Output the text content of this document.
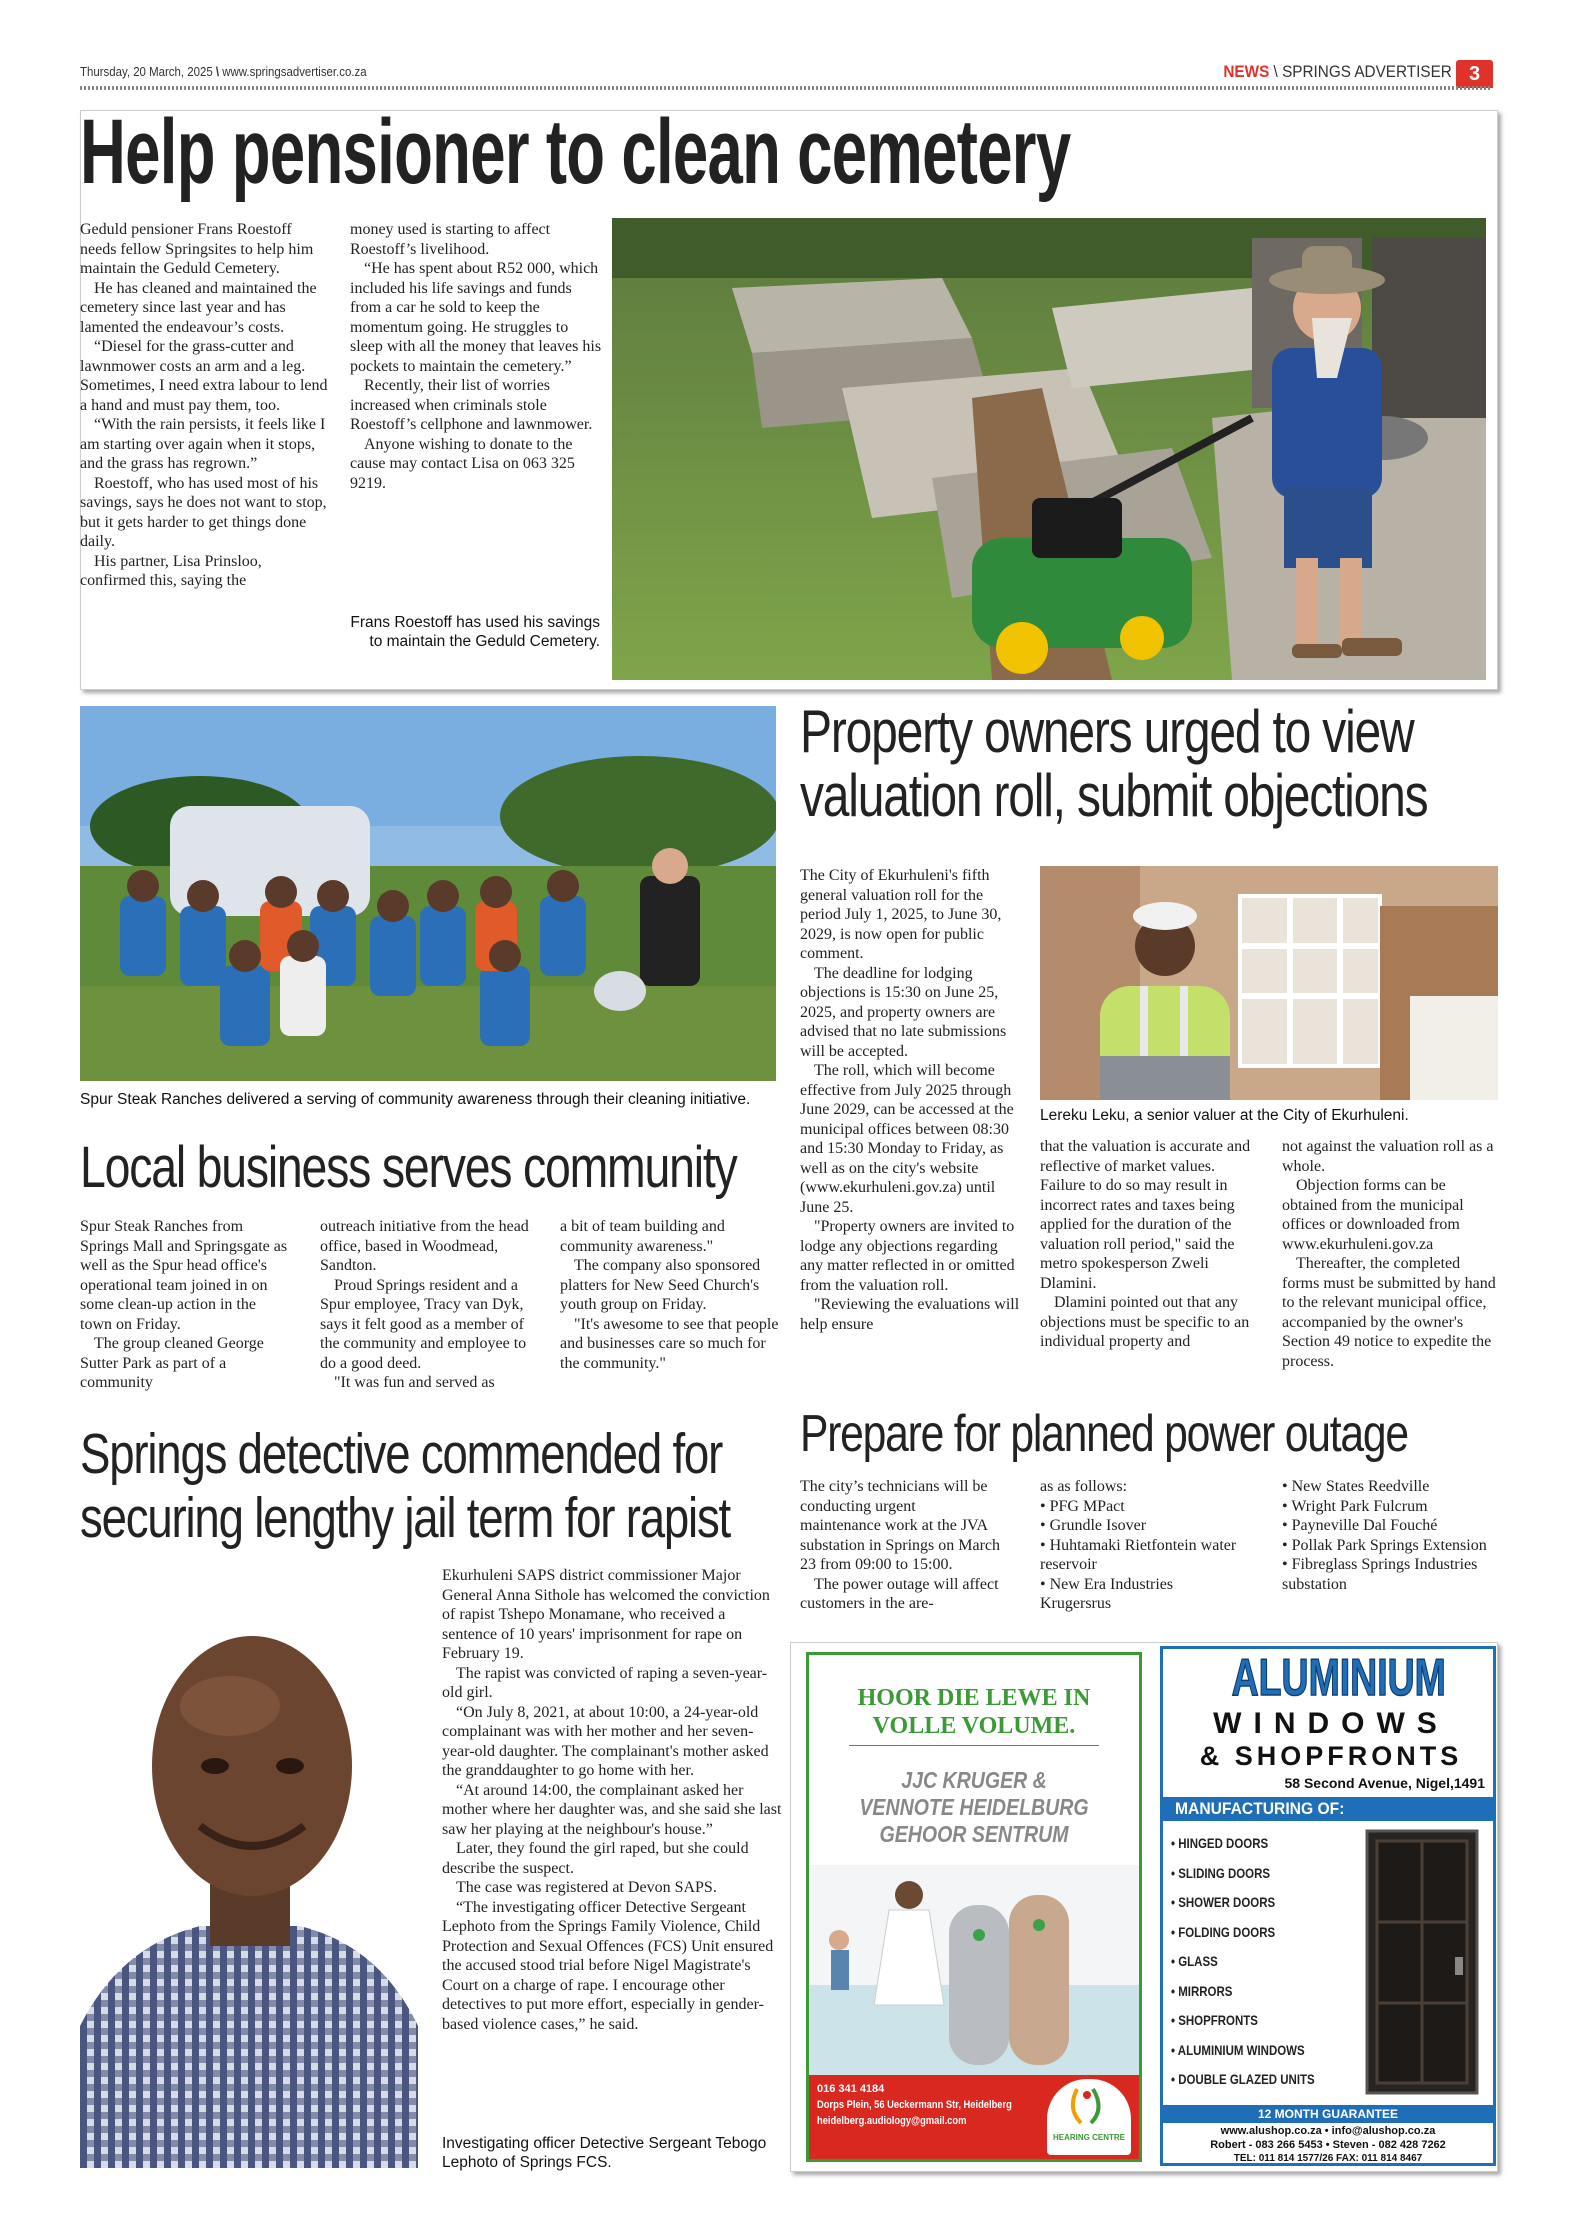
Thursday, 20 March, 2025 \ www.springsadvertiser.co.za	NEWS \ SPRINGS ADVERTISER 3
Help pensioner to clean cemetery

Geduld pensioner Frans Roestoff needs fellow Springsites to help him maintain the Geduld Cemetery.

He has cleaned and maintained the cemetery since last year and has lamented the endeavour’s costs.

“Diesel for the grass-cutter and lawnmower costs an arm and a leg. Sometimes, I need extra labour to lend a hand and must pay them, too.

“With the rain persists, it feels like I am starting over again when it stops, and the grass has regrown.”

Roestoff, who has used most of his savings, says he does not want to stop, but it gets harder to get things done daily.

His partner, Lisa Prinsloo, confirmed this, saying the

money used is starting to affect Roestoff’s livelihood.

“He has spent about R52 000, which included his life savings and funds from a car he sold to keep the momentum going. He struggles to sleep with all the money that leaves his pockets to maintain the cemetery.”

Recently, their list of worries increased when criminals stole Roestoff’s cellphone and lawnmower.

Anyone wishing to donate to the cause may contact Lisa on 063 325 9219.

Frans Roestoff has used his savings to maintain the Geduld Cemetery.
Spur Steak Ranches delivered a serving of community awareness through their cleaning initiative.
Local business serves community

Spur Steak Ranches from Springs Mall and Springsgate as well as the Spur head office's operational team joined in on some clean-up action in the town on Friday.

The group cleaned George Sutter Park as part of a community

outreach initiative from the head office, based in Woodmead, Sandton.

Proud Springs resident and a Spur employee, Tracy van Dyk, says it felt good as a member of the community and employee to do a good deed.

"It was fun and served as

a bit of team building and community awareness."

The company also sponsored platters for New Seed Church's youth group on Friday.

"It's awesome to see that people and businesses care so much for the community."

Property owners urged to view
valuation roll, submit objections

The City of Ekurhuleni's fifth general valuation roll for the period July 1, 2025, to June 30, 2029, is now open for public comment.

The deadline for lodging objections is 15:30 on June 25, 2025, and property owners are advised that no late submissions will be accepted.

The roll, which will become effective from July 2025 through June 2029, can be accessed at the municipal offices between 08:30 and 15:30 Monday to Friday, as well as on the city's website (www.ekurhuleni.gov.za) until June 25.

"Property owners are invited to lodge any objections regarding any matter reflected in or omitted from the valuation roll.

"Reviewing the evaluations will help ensure

Lereku Leku, a senior valuer at the City of Ekurhuleni.

that the valuation is accurate and reflective of market values. Failure to do so may result in incorrect rates and taxes being applied for the duration of the valuation roll period," said the metro spokesperson Zweli Dlamini.

Dlamini pointed out that any objections must be specific to an individual property and

not against the valuation roll as a whole.

Objection forms can be obtained from the municipal offices or downloaded from www.ekurhuleni.gov.za

Thereafter, the completed forms must be submitted by hand to the relevant municipal office, accompanied by the owner's Section 49 notice to expedite the process.

Prepare for planned power outage

The city’s technicians will be conducting urgent maintenance work at the JVA substation in Springs on March 23 from 09:00 to 15:00.

The power outage will affect customers in the are-

as as follows:
• PFG MPact
• Grundle Isover
• Huhtamaki Rietfontein water reservoir
• New Era Industries Krugersrus
• New States Reedville
• Wright Park Fulcrum
• Payneville Dal Fouché
• Pollak Park Springs Extension
• Fibreglass Springs Industries substation
Springs detective commended for
securing lengthy jail term for rapist

Ekurhuleni SAPS district commissioner Major General Anna Sithole has welcomed the conviction of rapist Tshepo Monamane, who received a sentence of 10 years' imprisonment for rape on February 19.

The rapist was convicted of raping a seven-year-old girl.

“On July 8, 2021, at about 10:00, a 24-year-old complainant was with her mother and her seven-year-old daughter. The complainant's mother asked the granddaughter to go home with her.

“At around 14:00, the complainant asked her mother where her daughter was, and she said she last saw her playing at the neighbour's house.”

Later, they found the girl raped, but she could describe the suspect.

The case was registered at Devon SAPS.

“The investigating officer Detective Sergeant Lephoto from the Springs Family Violence, Child Protection and Sexual Offences (FCS) Unit ensured the accused stood trial before Nigel Magistrate's Court on a charge of rape. I encourage other detectives to put more effort, especially in gender-based violence cases,” he said.

Investigating officer Detective Sergeant Tebogo Lephoto of Springs FCS.
HOOR DIE LEWE IN
VOLLE VOLUME.
JJC KRUGER &
VENNOTE HEIDELBURG
GEHOOR SENTRUM
016 341 4184
Dorps Plein, 56 Ueckermann Str, Heidelberg
heidelberg.audiology@gmail.com
HEARING CENTRE
ALUMINIUM
WINDOWS
& SHOPFRONTS
58 Second Avenue, Nigel,1491
MANUFACTURING OF:
• HINGED DOORS
• SLIDING DOORS
• SHOWER DOORS
• FOLDING DOORS
• GLASS
• MIRRORS
• SHOPFRONTS
• ALUMINIUM WINDOWS
• DOUBLE GLAZED UNITS
12 MONTH GUARANTEE
www.alushop.co.za • info@alushop.co.za
Robert - 083 266 5453 • Steven - 082 428 7262
TEL: 011 814 1577/26 FAX: 011 814 8467
